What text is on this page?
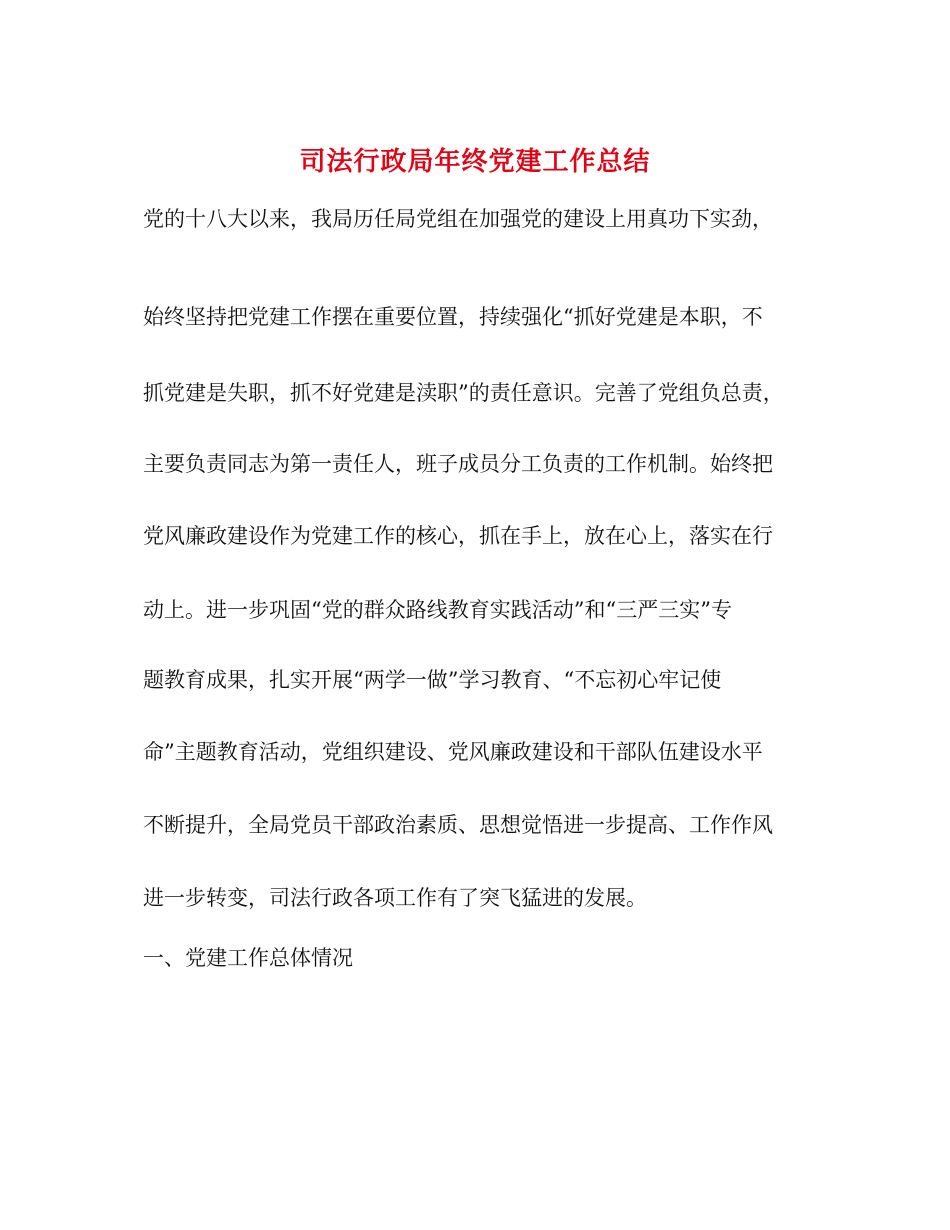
司法行政局年终党建工作总结
党的十八大以来，我局历任局党组在加强党的建设上用真功下实劲，
始终坚持把党建工作摆在重要位置，持续强化“抓好党建是本职，不
抓党建是失职，抓不好党建是渎职”的责任意识。完善了党组负总责，
主要负责同志为第一责任人，班子成员分工负责的工作机制。始终把
党风廉政建设作为党建工作的核心，抓在手上，放在心上，落实在行
动上。进一步巩固“党的群众路线教育实践活动”和“三严三实”专
题教育成果，扎实开展“两学一做”学习教育、“不忘初心牢记使
命”主题教育活动，党组织建设、党风廉政建设和干部队伍建设水平
不断提升，全局党员干部政治素质、思想觉悟进一步提高、工作作风
进一步转变，司法行政各项工作有了突飞猛进的发展。
一、党建工作总体情况
